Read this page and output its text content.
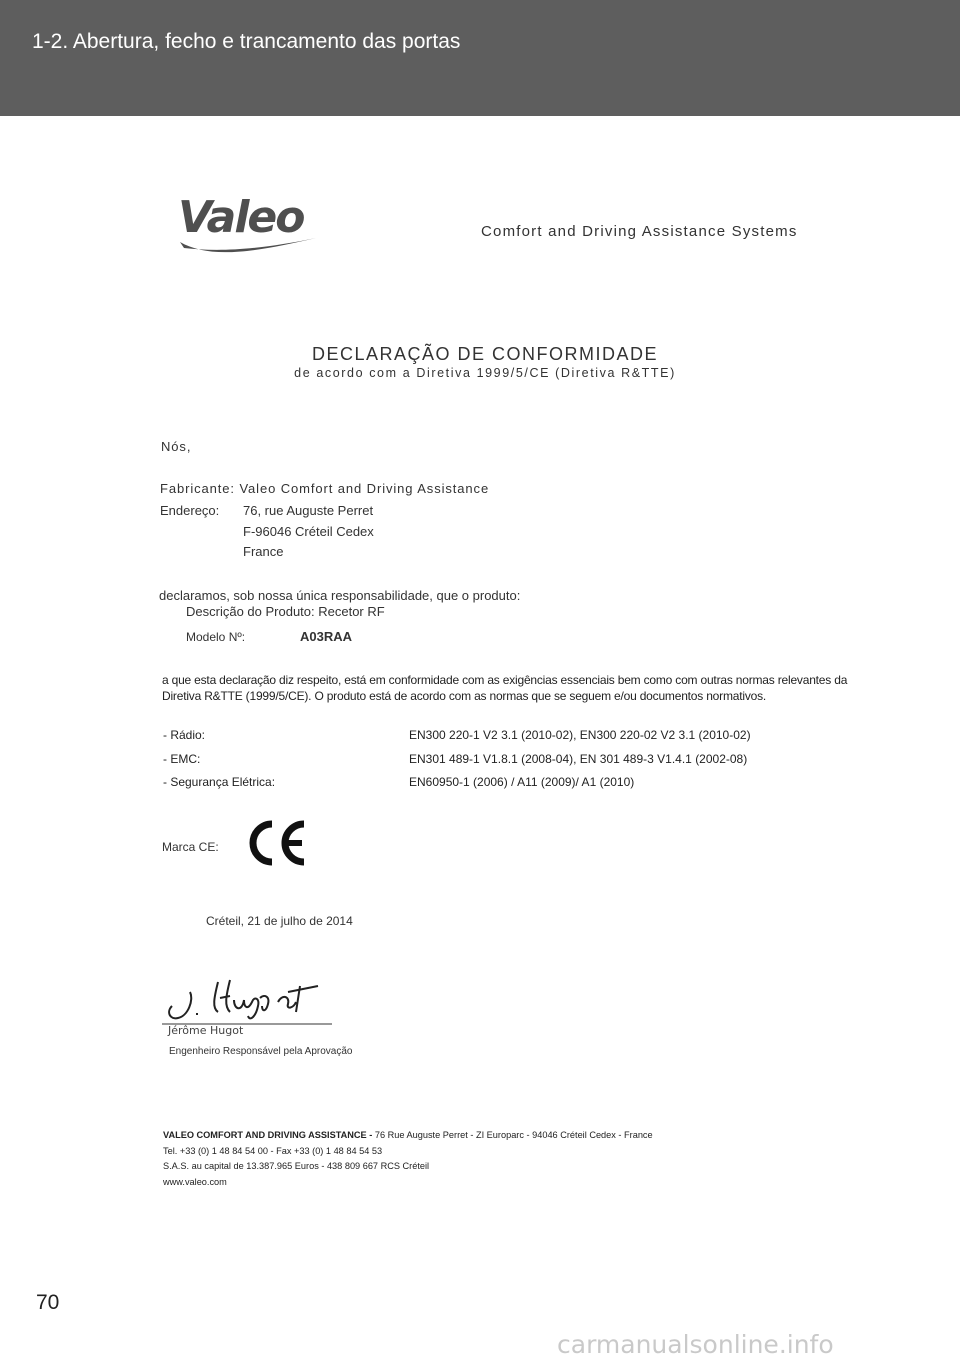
1-2. Abertura, fecho e trancamento das portas
Valeo	Comfort and Driving Assistance Systems
DECLARAÇÃO DE CONFORMIDADE
de acordo com a Diretiva 1999/5/CE (Diretiva R&TTE)
Nós,
Fabricante: Valeo Comfort and Driving Assistance
Endereço: 76, rue Auguste Perret
F-96046 Créteil Cedex
France
declaramos, sob nossa única responsabilidade, que o produto:
Descrição do Produto: Recetor RF
Modelo Nº:	A03RAA
a que esta declaração diz respeito, está em conformidade com as exigências essenciais bem como com outras normas relevantes da Diretiva R&TTE (1999/5/CE). O produto está de acordo com as normas que se seguem e/ou documentos normativos.
- Rádio:	EN300 220-1 V2 3.1 (2010-02), EN300 220-02 V2 3.1 (2010-02)
- EMC:	EN301 489-1 V1.8.1 (2008-04), EN 301 489-3 V1.4.1 (2002-08)
- Segurança Elétrica:	EN60950-1 (2006) / A11 (2009)/ A1 (2010)
Marca CE:
Créteil, 21 de julho de 2014
Jérôme Hugot
Engenheiro Responsável pela Aprovação
VALEO COMFORT AND DRIVING ASSISTANCE - 76 Rue Auguste Perret - ZI Europarc - 94046 Créteil Cedex - France
Tel. +33 (0) 1 48 84 54 00 - Fax +33 (0) 1 48 84 54 53
S.A.S. au capital de 13.387.965 Euros - 438 809 667 RCS Créteil
www.valeo.com
70
carmanualsonline.info
